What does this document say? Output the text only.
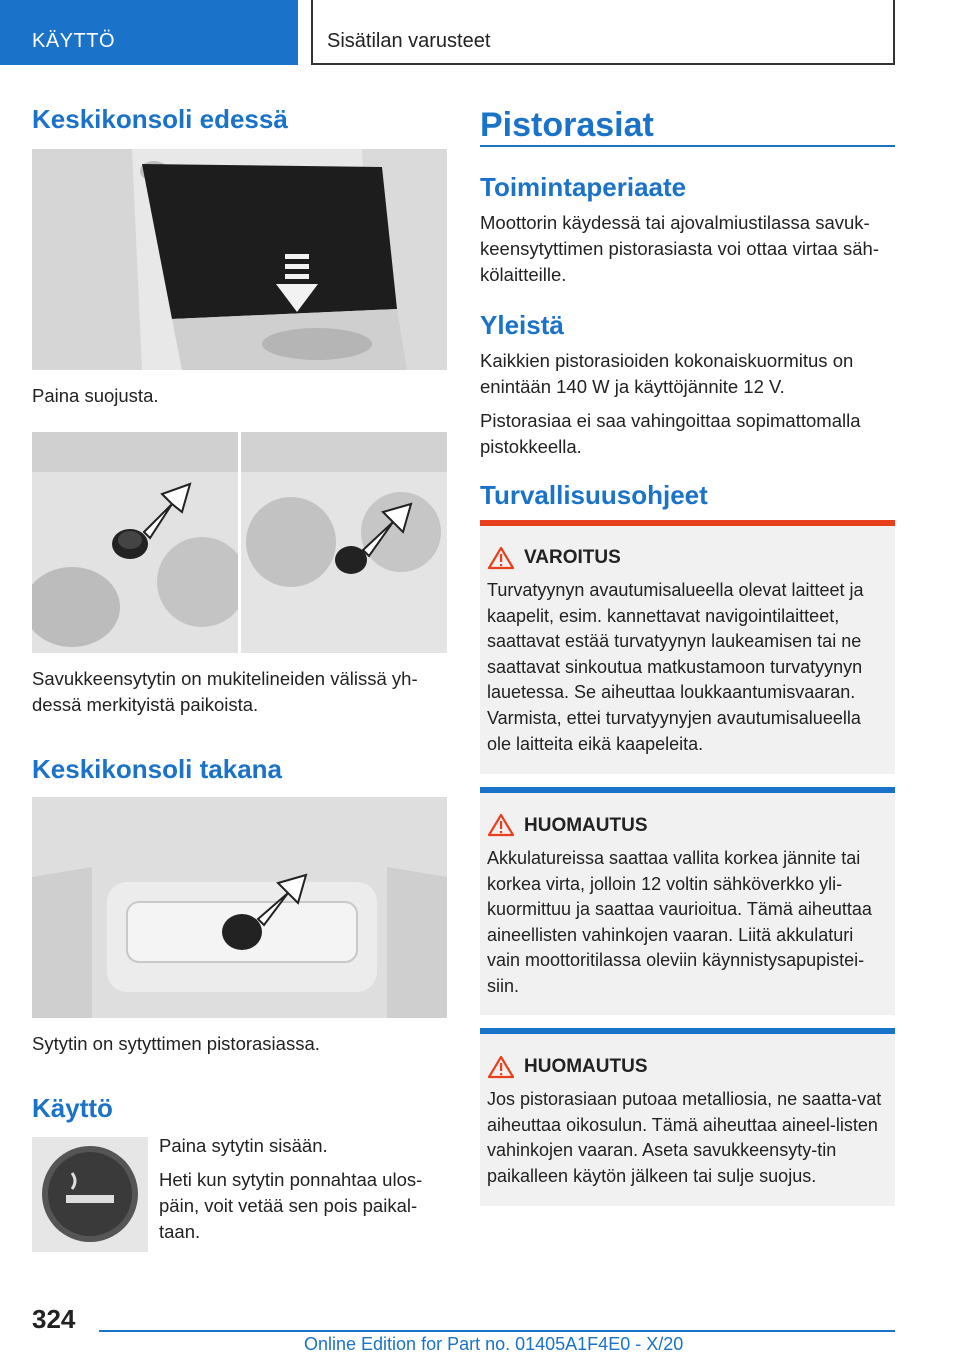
KÄYTTÖ	Sisätilan varusteet
Keskikonsoli edessä
Paina suojusta.
Savukkeensytytin on mukitelineiden välissä yh-dessä merkityistä paikoista.
Keskikonsoli takana
Sytytin on sytyttimen pistorasiassa.
Käyttö

Paina sytytin sisään.

Heti kun sytytin ponnahtaa ulos-päin, voit vetää sen pois paikal-taan.

Pistorasiat
Toimintaperiaate
Moottorin käydessä tai ajovalmiustilassa savuk-keensytyttimen pistorasiasta voi ottaa virtaa säh-kölaitteille.
Yleistä

Kaikkien pistorasioiden kokonaiskuormitus on enintään 140 W ja käyttöjännite 12 V.

Pistorasiaa ei saa vahingoittaa sopimattomalla pistokkeella.

Turvallisuusohjeet
VAROITUS
Turvatyynyn avautumisalueella olevat laitteet ja kaapelit, esim. kannettavat navigointilaitteet, saattavat estää turvatyynyn laukeamisen tai ne saattavat sinkoutua matkustamoon turvatyynyn lauetessa. Se aiheuttaa loukkaantumisvaaran. Varmista, ettei turvatyynyjen avautumisalueella ole laitteita eikä kaapeleita.
HUOMAUTUS
Akkulatureissa saattaa vallita korkea jännite tai korkea virta, jolloin 12 voltin sähköverkko yli-kuormittuu ja saattaa vaurioitua. Tämä aiheuttaa aineellisten vahinkojen vaaran. Liitä akkulaturi vain moottoritilassa oleviin käynnistysapupistei-siin.
HUOMAUTUS
Jos pistorasiaan putoaa metalliosia, ne saatta-vat aiheuttaa oikosulun. Tämä aiheuttaa aineel-listen vahinkojen vaaran. Aseta savukkeensyty-tin paikalleen käytön jälkeen tai sulje suojus.
324
Online Edition for Part no. 01405A1F4E0 - X/20
